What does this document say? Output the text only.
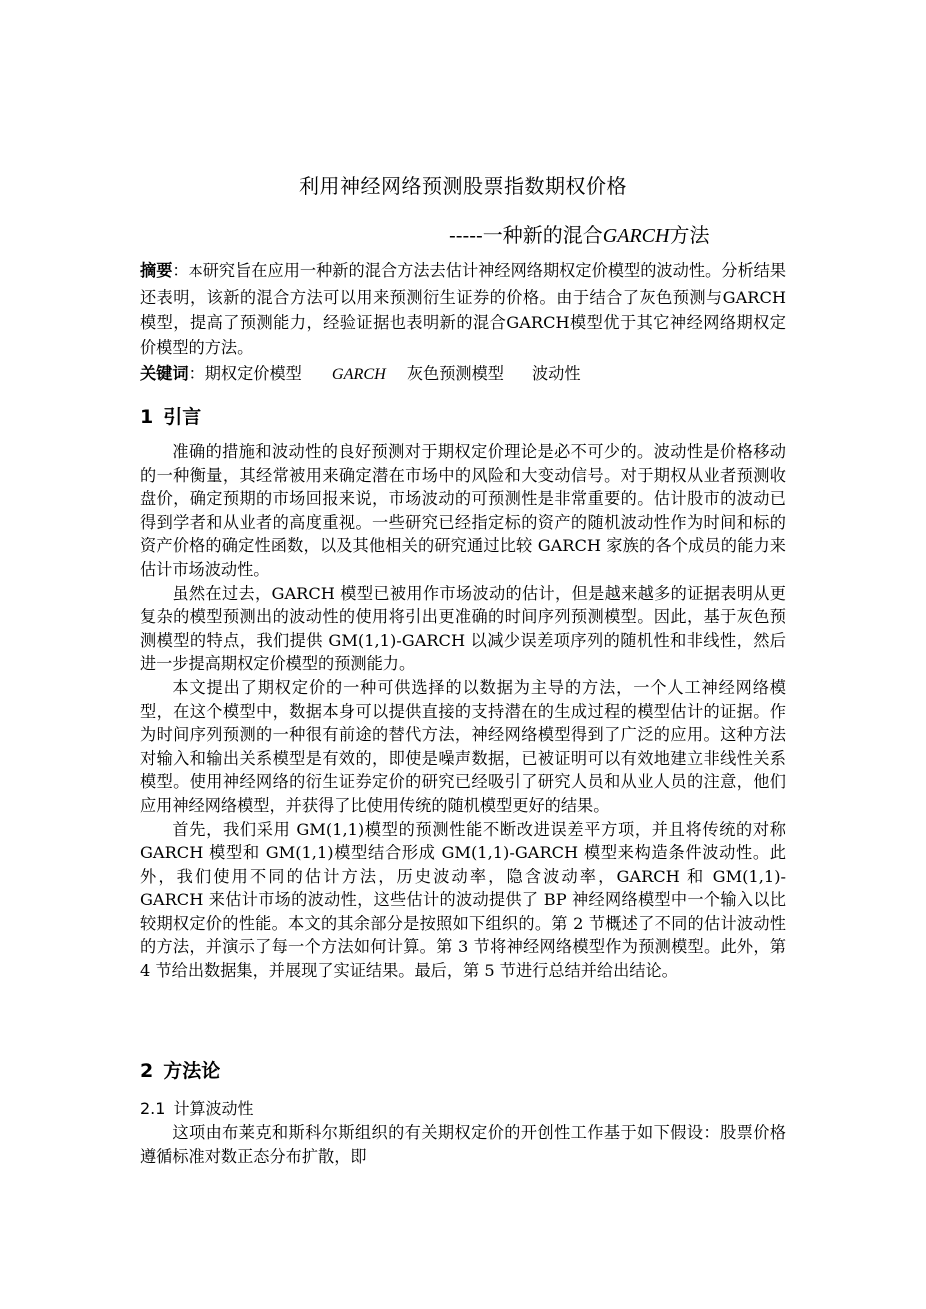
利用神经网络预测股票指数期权价格
-----一种新的混合GARCH方法
摘要：本研究旨在应用一种新的混合方法去估计神经网络期权定价模型的波动性。分析结果还表明，该新的混合方法可以用来预测衍生证券的价格。由于结合了灰色预测与GARCH模型，提高了预测能力，经验证据也表明新的混合GARCH模型优于其它神经网络期权定价模型的方法。
关键词：期权定价模型 GARCH 灰色预测模型 波动性
1 引言

准确的措施和波动性的良好预测对于期权定价理论是必不可少的。波动性是价格移动的一种衡量，其经常被用来确定潜在市场中的风险和大变动信号。对于期权从业者预测收盘价，确定预期的市场回报来说，市场波动的可预测性是非常重要的。估计股市的波动已得到学者和从业者的高度重视。一些研究已经指定标的资产的随机波动性作为时间和标的资产价格的确定性函数，以及其他相关的研究通过比较 GARCH 家族的各个成员的能力来估计市场波动性。

虽然在过去，GARCH 模型已被用作市场波动的估计，但是越来越多的证据表明从更复杂的模型预测出的波动性的使用将引出更准确的时间序列预测模型。因此，基于灰色预测模型的特点，我们提供 GM(1,1)-GARCH 以减少误差项序列的随机性和非线性，然后进一步提高期权定价模型的预测能力。

本文提出了期权定价的一种可供选择的以数据为主导的方法，一个人工神经网络模型，在这个模型中，数据本身可以提供直接的支持潜在的生成过程的模型估计的证据。作为时间序列预测的一种很有前途的替代方法，神经网络模型得到了广泛的应用。这种方法对输入和输出关系模型是有效的，即使是噪声数据，已被证明可以有效地建立非线性关系模型。使用神经网络的衍生证券定价的研究已经吸引了研究人员和从业人员的注意，他们应用神经网络模型，并获得了比使用传统的随机模型更好的结果。

首先，我们采用 GM(1,1)模型的预测性能不断改进误差平方项，并且将传统的对称 GARCH 模型和 GM(1,1)模型结合形成 GM(1,1)-GARCH 模型来构造条件波动性。此外，我们使用不同的估计方法，历史波动率，隐含波动率，GARCH 和 GM(1,1)-GARCH 来估计市场的波动性，这些估计的波动提供了 BP 神经网络模型中一个输入以比较期权定价的性能。本文的其余部分是按照如下组织的。第 2 节概述了不同的估计波动性的方法，并演示了每一个方法如何计算。第 3 节将神经网络模型作为预测模型。此外，第 4 节给出数据集，并展现了实证结果。最后，第 5 节进行总结并给出结论。

2 方法论
2.1 计算波动性

这项由布莱克和斯科尔斯组织的有关期权定价的开创性工作基于如下假设：股票价格遵循标准对数正态分布扩散，即
